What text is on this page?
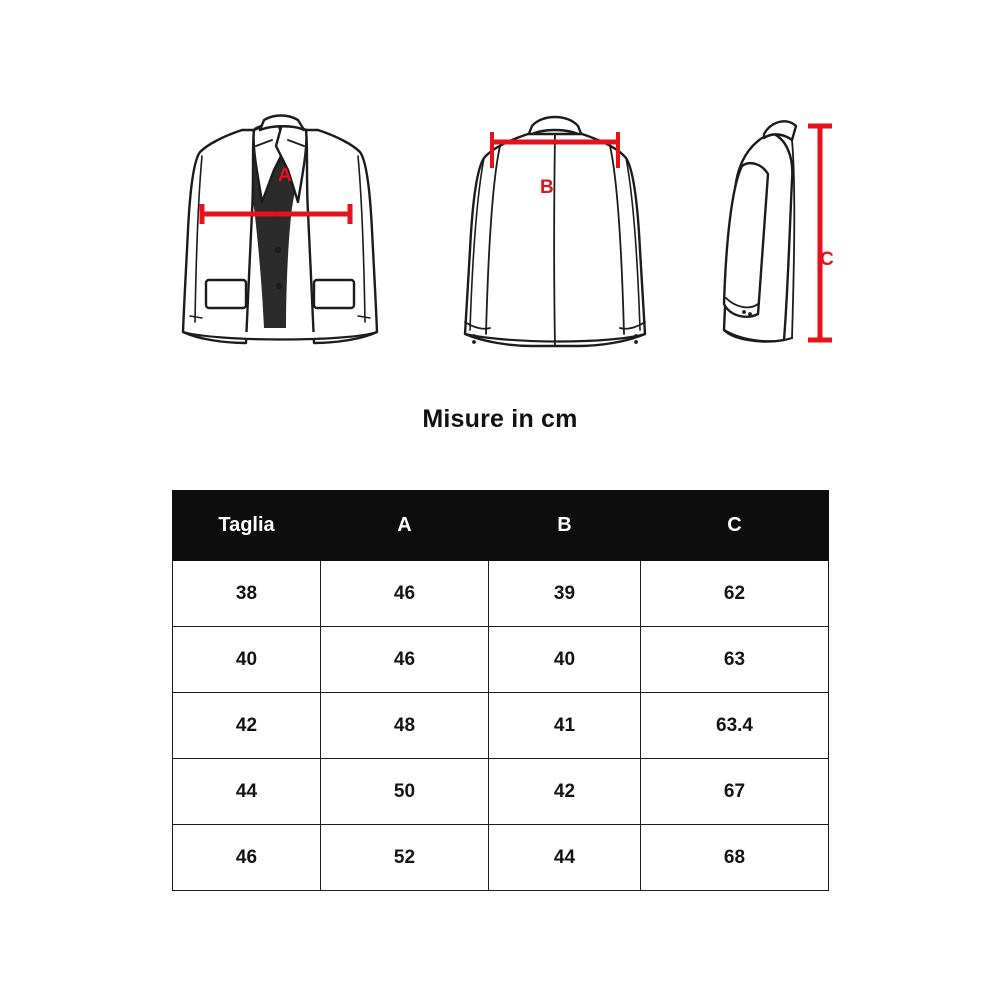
A
B
C
Misure in cm
Taglia	A	B	C
38	46	39	62
40	46	40	63
42	48	41	63.4
44	50	42	67
46	52	44	68
